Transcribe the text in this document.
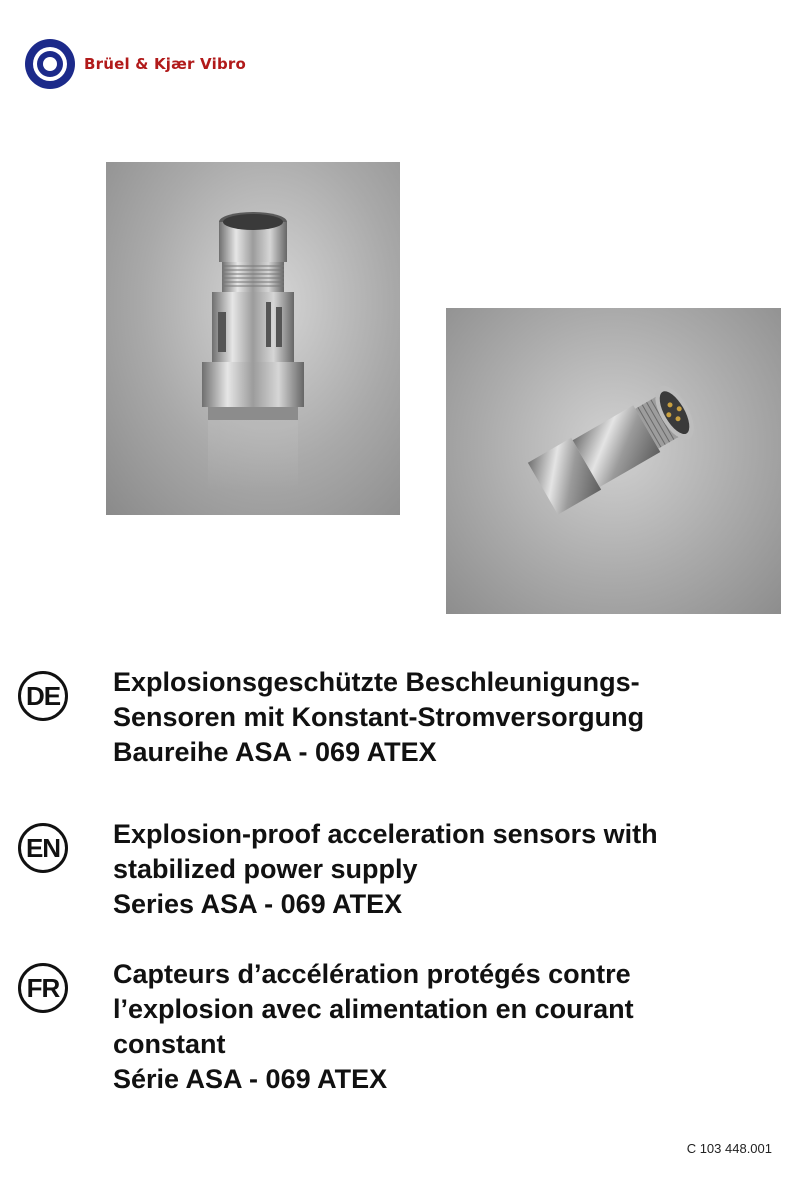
Brüel & Kjær Vibro
DE Explosionsgeschützte Beschleunigungs-
Sensoren mit Konstant-Stromversorgung
Baureihe ASA - 069 ATEX
EN Explosion-proof acceleration sensors with
stabilized power supply
Series ASA - 069 ATEX
FR	Capteurs d’accélération protégés contre
l’explosion avec alimentation en courant
constant
Série ASA - 069 ATEX
C 103 448.001
